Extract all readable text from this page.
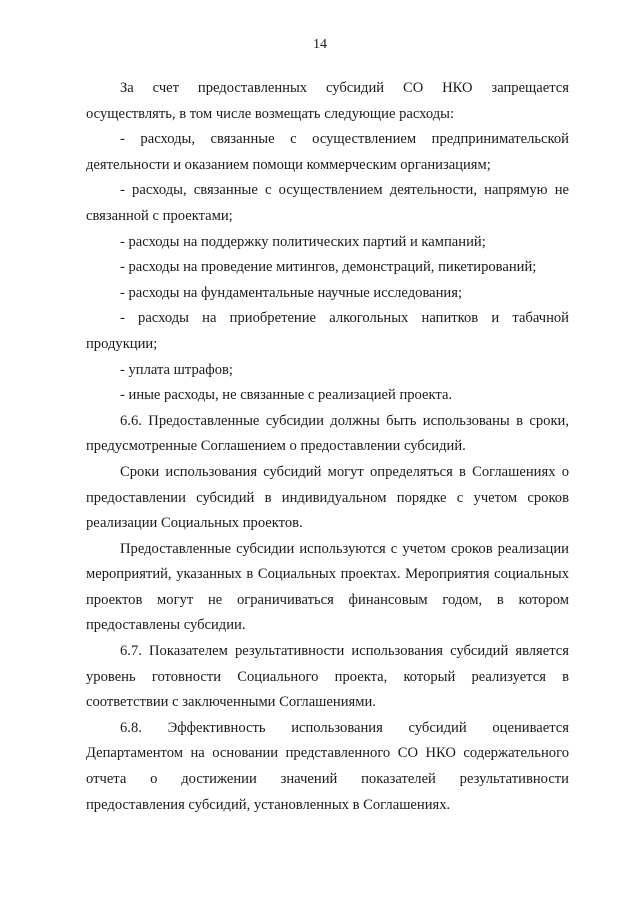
14

За счет предоставленных субсидий СО НКО запрещается осуществлять, в том числе возмещать следующие расходы:

- расходы, связанные с осуществлением предпринимательской деятельности и оказанием помощи коммерческим организациям;

- расходы, связанные с осуществлением деятельности, напрямую не связанной с проектами;

- расходы на поддержку политических партий и кампаний;

- расходы на проведение митингов, демонстраций, пикетирований;

- расходы на фундаментальные научные исследования;

- расходы на приобретение алкогольных напитков и табачной продукции;

- уплата штрафов;

- иные расходы, не связанные с реализацией проекта.

6.6. Предоставленные субсидии должны быть использованы в сроки, предусмотренные Соглашением о предоставлении субсидий.

Сроки использования субсидий могут определяться в Соглашениях о предоставлении субсидий в индивидуальном порядке с учетом сроков реализации Социальных проектов.

Предоставленные субсидии используются с учетом сроков реализации мероприятий, указанных в Социальных проектах. Мероприятия социальных проектов могут не ограничиваться финансовым годом, в котором предоставлены субсидии.

6.7. Показателем результативности использования субсидий является уровень готовности Социального проекта, который реализуется в соответствии с заключенными Соглашениями.

6.8. Эффективность использования субсидий оценивается Департаментом на основании представленного СО НКО содержательного отчета о достижении значений показателей результативности предоставления субсидий, установленных в Соглашениях.
